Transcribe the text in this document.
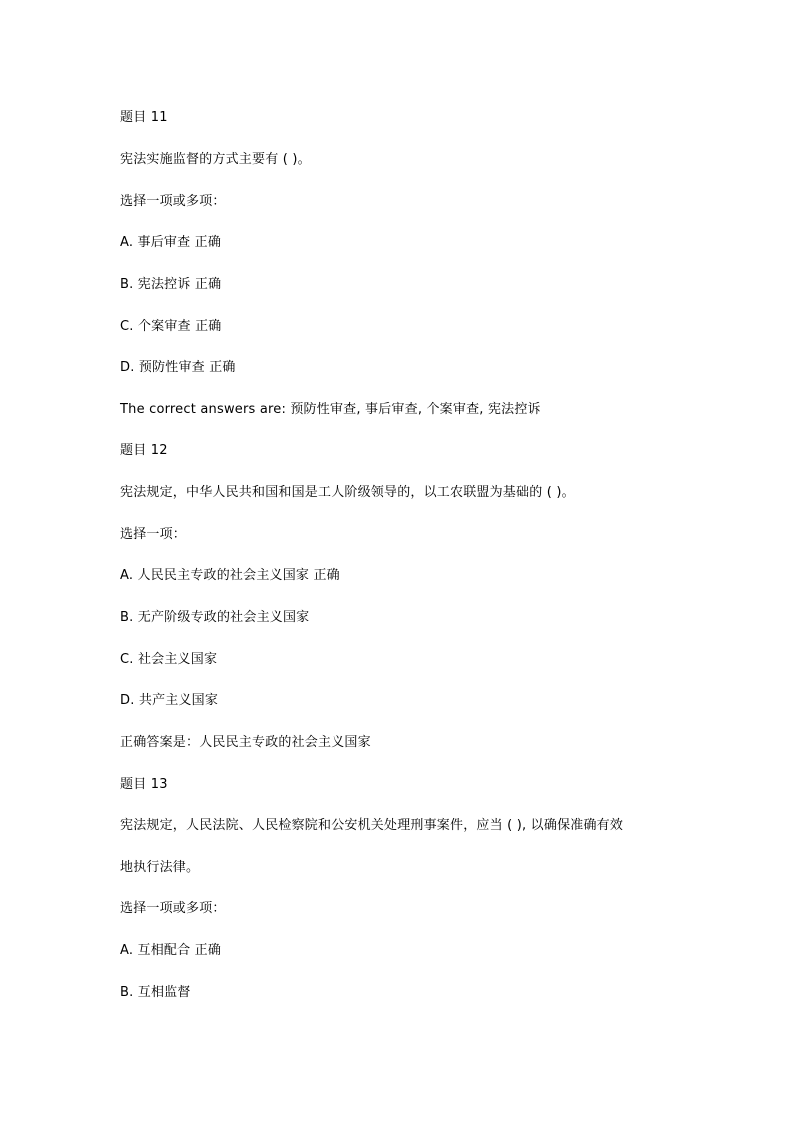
题目 11
宪法实施监督的方式主要有 ( )。
选择一项或多项：
A. 事后审查 正确
B. 宪法控诉 正确
C. 个案审查 正确
D. 预防性审查 正确
The correct answers are: 预防性审查, 事后审查, 个案审查, 宪法控诉
题目 12
宪法规定，中华人民共和国和国是工人阶级领导的，以工农联盟为基础的 ( )。
选择一项：
A. 人民民主专政的社会主义国家 正确
B. 无产阶级专政的社会主义国家
C. 社会主义国家
D. 共产主义国家
正确答案是：人民民主专政的社会主义国家
题目 13
宪法规定，人民法院、人民检察院和公安机关处理刑事案件，应当 ( ), 以确保准确有效
地执行法律。
选择一项或多项：
A. 互相配合 正确
B. 互相监督
